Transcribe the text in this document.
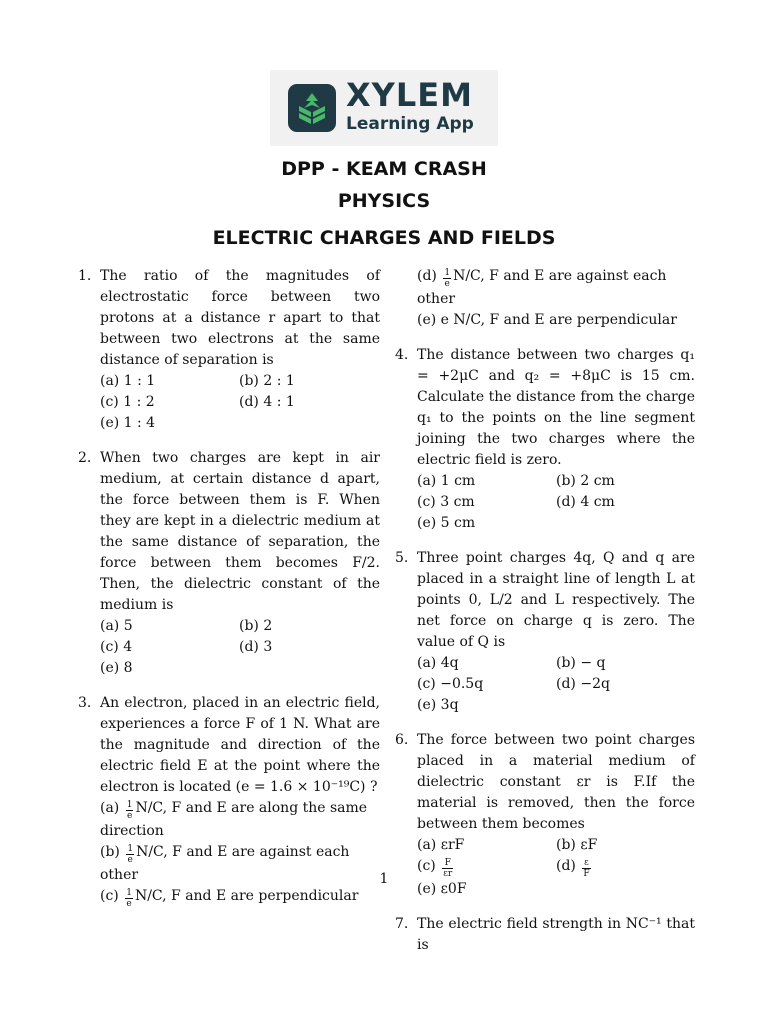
XYLEM
Learning App
DPP - KEAM CRASH
PHYSICS
ELECTRIC CHARGES AND FIELDS
1. The ratio of the magnitudes of electrostatic force between two protons at a distance r apart to that between two electrons at the same distance of separation is
(a) 1 : 1	(b) 2 : 1
(c) 1 : 2	(d) 4 : 1
(e) 1 : 4
2. When two charges are kept in air medium, at certain distance d apart, the force between them is F. When they are kept in a dielectric medium at the same distance of separation, the force between them becomes F/2. Then, the dielectric constant of the medium is
(a) 5	(b) 2
(c) 4	(d) 3
(e) 8
3. An electron, placed in an electric field, experiences a force F of 1 N. What are the magnitude and direction of the electric field E at the point where the electron is located (e = 1.6 × 10⁻¹⁹C) ?
$(a) \frac{1}{e} N/C$, F and E are along the same direction
$(b) \frac{1}{e} N/C$, F and E are against each other
$(c) \frac{1}{e} N/C$, F and E are perpendicular
$(d) \frac{1}{e} N/C$, F and E are against each other
(e) e N/C, F and E are perpendicular
4. The distance between two charges q₁ = +2μC and q₂ = +8μC is 15 cm. Calculate the distance from the charge q₁ to the points on the line segment joining the two charges where the electric field is zero.
(a) 1 cm	(b) 2 cm
(c) 3 cm	(d) 4 cm
(e) 5 cm
5. Three point charges 4q, Q and q are placed in a straight line of length L at points 0, L/2 and L respectively. The net force on charge q is zero. The value of Q is
(a) 4q	(b) − q
(c) −0.5q	(d) −2q
(e) 3q
6. The force between two point charges placed in a material medium of dielectric constant εr is F.If the material is removed, then the force between them becomes
(a) εrF	(b) εF
$(c) \frac{F}{\varepsilon r}$	$(d) \frac{\varepsilon}{F}$
(e) ε0F
7. The electric field strength in NC⁻¹ that is
1
